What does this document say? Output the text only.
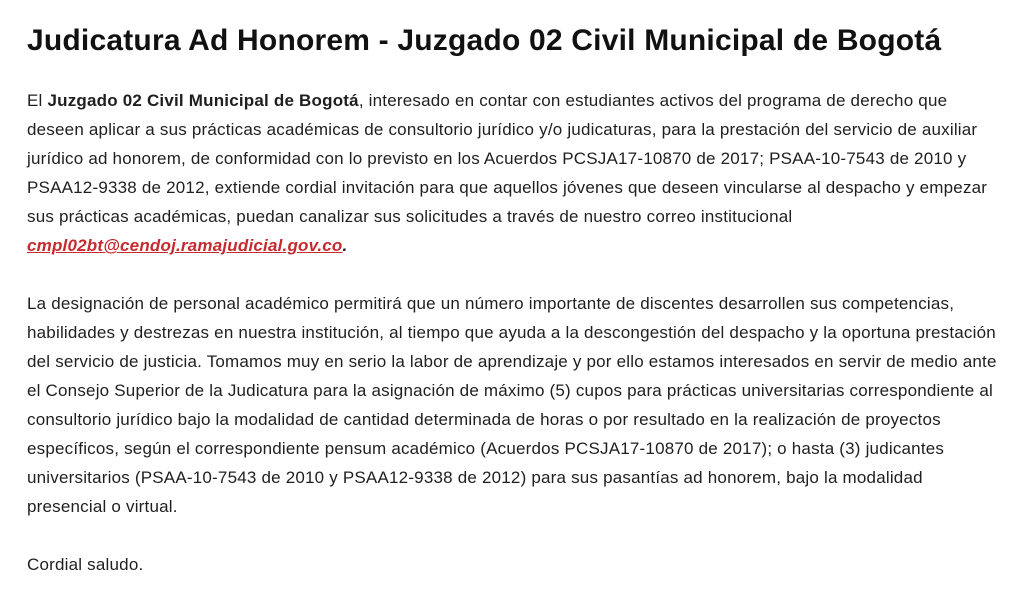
Judicatura Ad Honorem - Juzgado 02 Civil Municipal de Bogotá

El Juzgado 02 Civil Municipal de Bogotá, interesado en contar con estudiantes activos del programa de derecho que deseen aplicar a sus prácticas académicas de consultorio jurídico y/o judicaturas, para la prestación del servicio de auxiliar jurídico ad honorem, de conformidad con lo previsto en los Acuerdos PCSJA17-10870 de 2017; PSAA-10-7543 de 2010 y PSAA12-9338 de 2012, extiende cordial invitación para que aquellos jóvenes que deseen vincularse al despacho y empezar sus prácticas académicas, puedan canalizar sus solicitudes a través de nuestro correo institucional cmpl02bt@cendoj.ramajudicial.gov.co.

La designación de personal académico permitirá que un número importante de discentes desarrollen sus competencias, habilidades y destrezas en nuestra institución, al tiempo que ayuda a la descongestión del despacho y la oportuna prestación del servicio de justicia. Tomamos muy en serio la labor de aprendizaje y por ello estamos interesados en servir de medio ante el Consejo Superior de la Judicatura para la asignación de máximo (5) cupos para prácticas universitarias correspondiente al consultorio jurídico bajo la modalidad de cantidad determinada de horas o por resultado en la realización de proyectos específicos, según el correspondiente pensum académico (Acuerdos PCSJA17-10870 de 2017); o hasta (3) judicantes universitarios (PSAA-10-7543 de 2010 y PSAA12-9338 de 2012) para sus pasantías ad honorem, bajo la modalidad presencial o virtual.

Cordial saludo.
